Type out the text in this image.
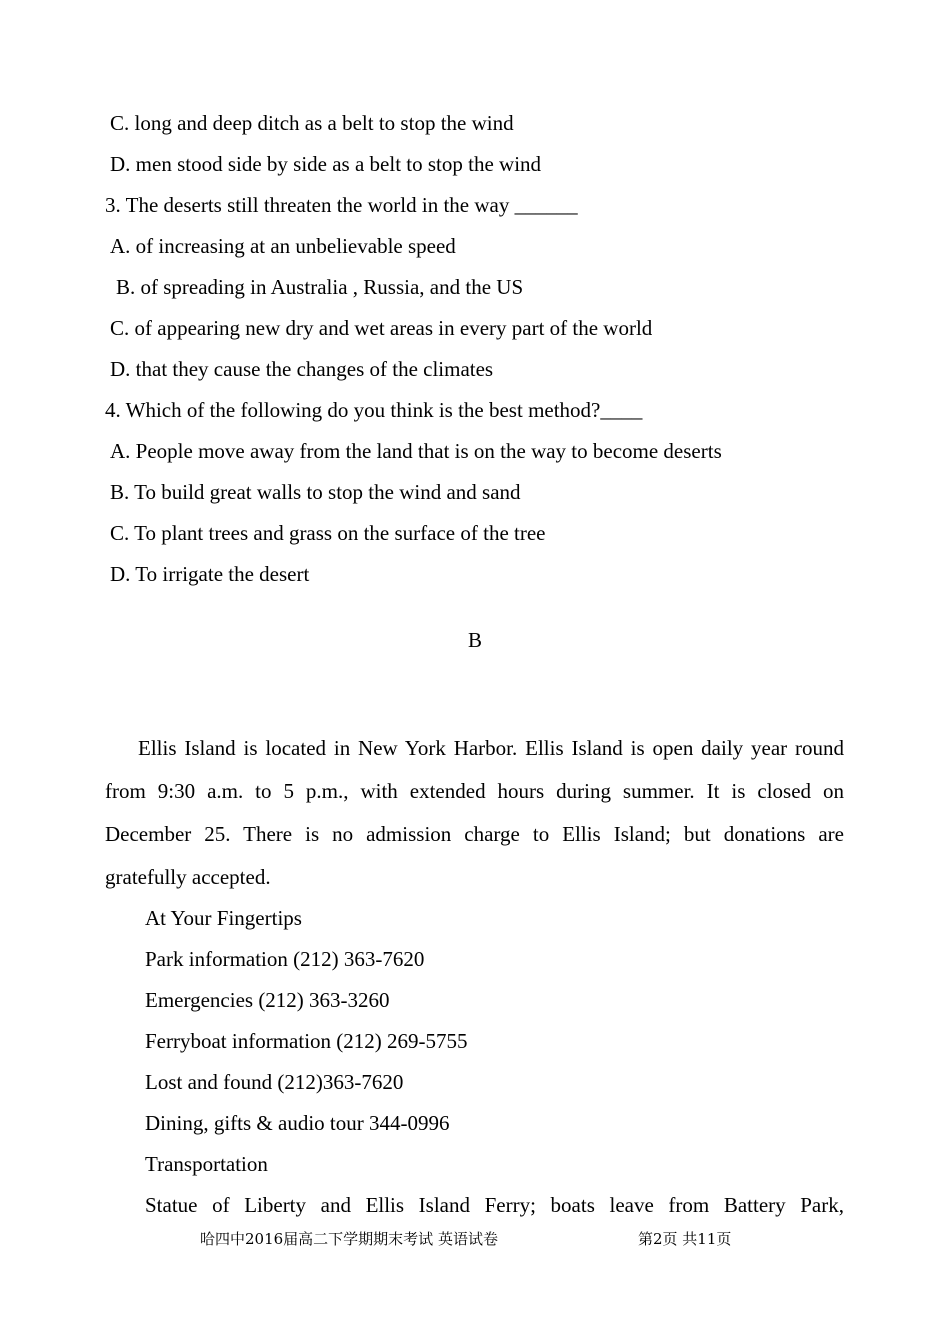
C. long and deep ditch as a belt to stop the wind
D. men stood side by side as a belt to stop the wind
3. The deserts still threaten the world in the way ______
A. of increasing at an unbelievable speed
B. of spreading in Australia , Russia, and the US
C. of appearing new dry and wet areas in every part of the world
D. that they cause the changes of the climates
4. Which of the following do you think is the best method?____
A. People move away from the land that is on the way to become deserts
B. To build great walls to stop the wind and sand
C. To plant trees and grass on the surface of the tree
D. To irrigate the desert
B
Ellis Island is located in New York Harbor. Ellis Island is open daily year round
from 9:30 a.m. to 5 p.m., with extended hours during summer. It is closed on
December 25. There is no admission charge to Ellis Island; but donations are
gratefully accepted.
At Your Fingertips
Park information (212) 363-7620
Emergencies (212) 363-3260
Ferryboat information (212) 269-5755
Lost and found (212)363-7620
Dining, gifts & audio tour 344-0996
Transportation
Statue of Liberty and Ellis Island Ferry; boats leave from Battery Park,
哈四中2016届高二下学期期末考试 英语试卷	第2页 共11页
